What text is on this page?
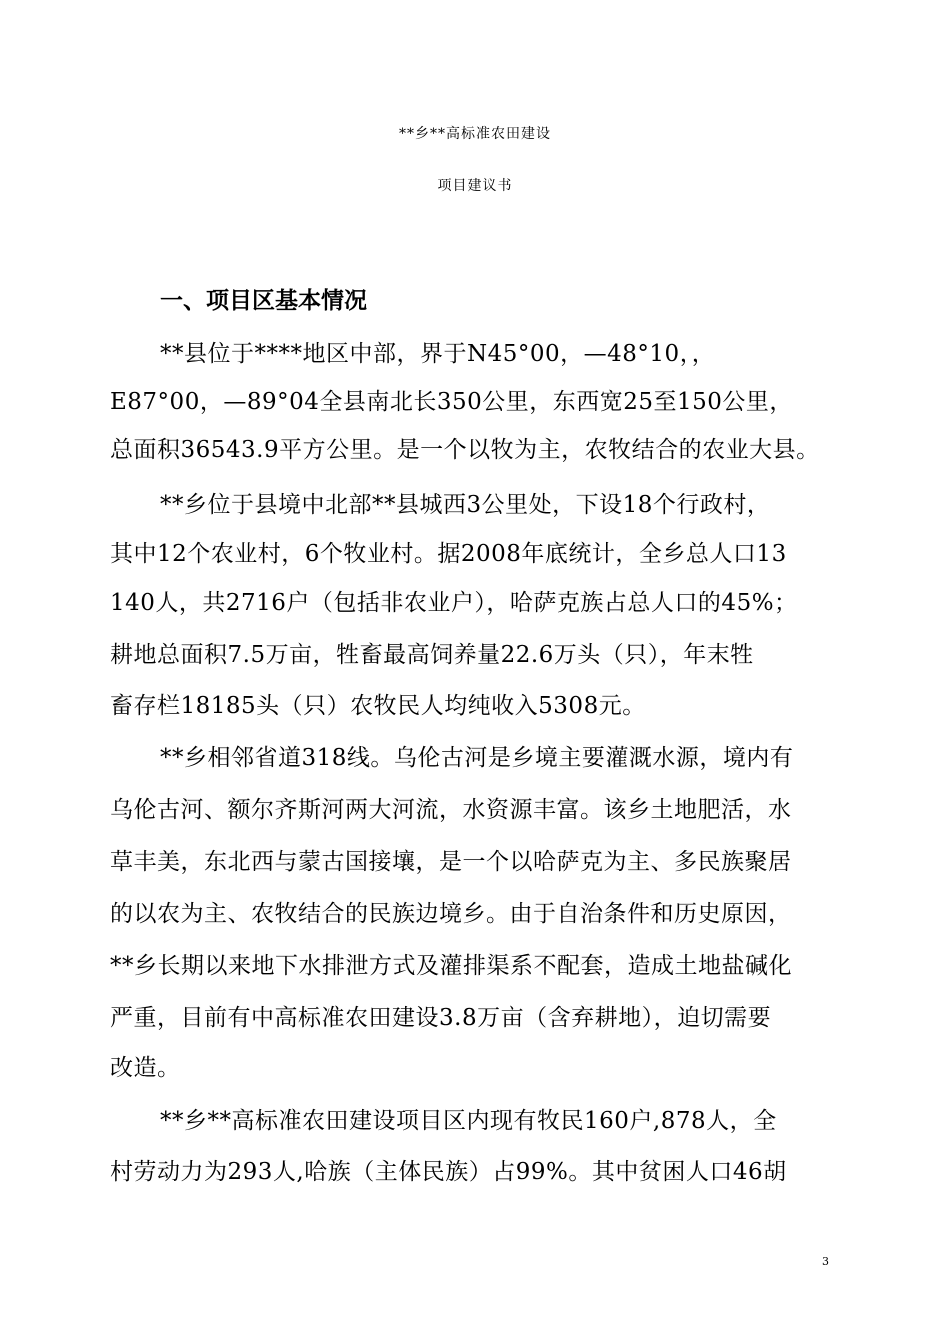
**乡**高标准农田建设
项目建议书
一、项目区基本情况
**县位于****地区中部，界于N45°00，—48°10，，
E87°00，—89°04全县南北长350公里，东西宽25至150公里，
总面积36543.9平方公里。是一个以牧为主，农牧结合的农业大县。
**乡位于县境中北部**县城西3公里处，下设18个行政村，
其中12个农业村，6个牧业村。据2008年底统计，全乡总人口13
140人，共2716户（包括非农业户），哈萨克族占总人口的45%；
耕地总面积7.5万亩，牲畜最高饲养量22.6万头（只），年末牲
畜存栏18185头（只）农牧民人均纯收入5308元。
**乡相邻省道318线。乌伦古河是乡境主要灌溉水源，境内有
乌伦古河、额尔齐斯河两大河流，水资源丰富。该乡土地肥活，水
草丰美，东北西与蒙古国接壤，是一个以哈萨克为主、多民族聚居
的以农为主、农牧结合的民族边境乡。由于自治条件和历史原因，
**乡长期以来地下水排泄方式及灌排渠系不配套，造成土地盐碱化
严重，目前有中高标准农田建设3.8万亩（含弃耕地），迫切需要
改造。
**乡**高标准农田建设项目区内现有牧民160户,878人，全
村劳动力为293人,哈族（主体民族）占99%。其中贫困人口46胡
3
